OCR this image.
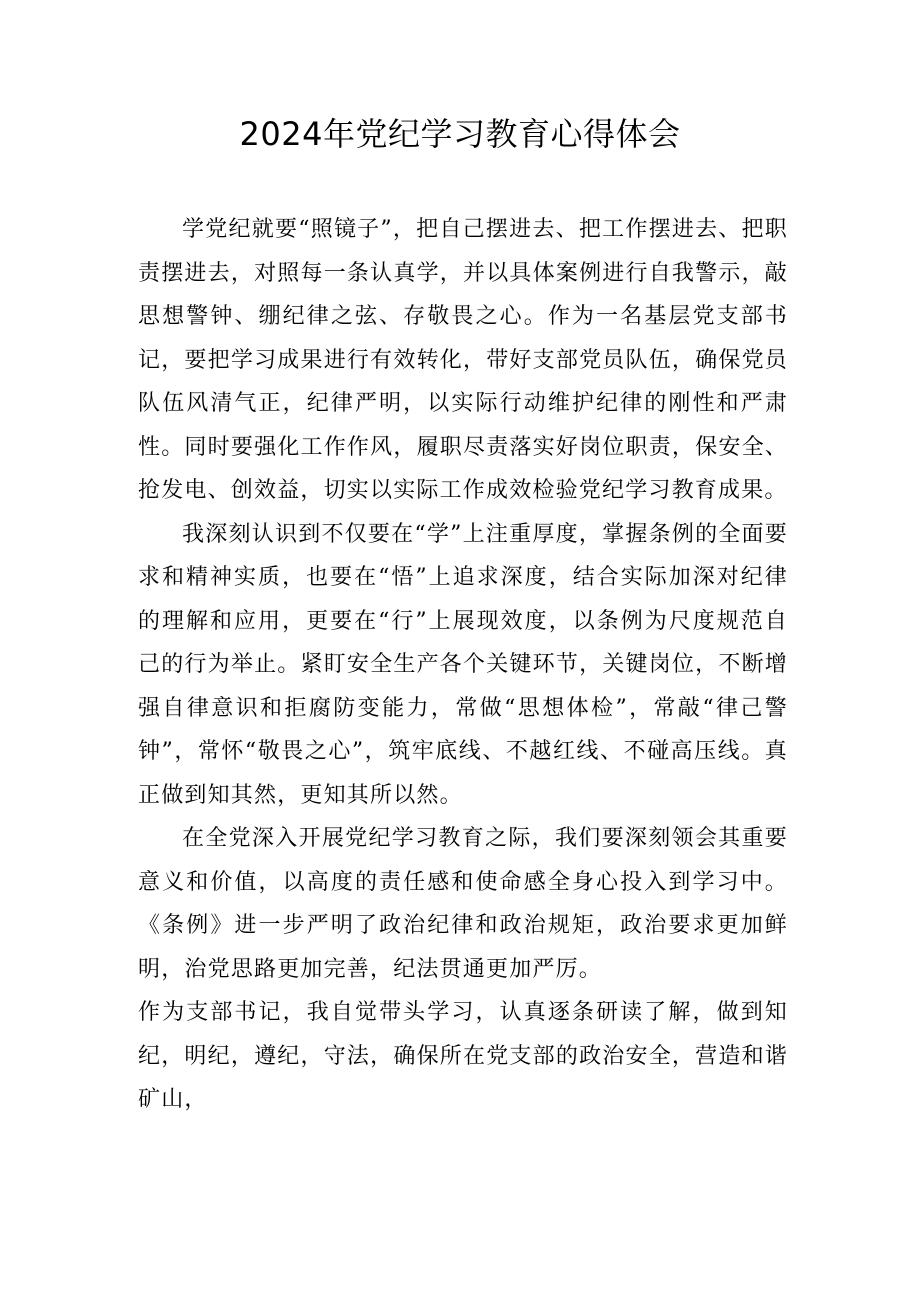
2024年党纪学习教育心得体会

学党纪就要“照镜子”，把自己摆进去、把工作摆进去、把职责摆进去，对照每一条认真学，并以具体案例进行自我警示，敲思想警钟、绷纪律之弦、存敬畏之心。作为一名基层党支部书记，要把学习成果进行有效转化，带好支部党员队伍，确保党员队伍风清气正，纪律严明，以实际行动维护纪律的刚性和严肃性。同时要强化工作作风，履职尽责落实好岗位职责，保安全、抢发电、创效益，切实以实际工作成效检验党纪学习教育成果。

我深刻认识到不仅要在“学”上注重厚度，掌握条例的全面要求和精神实质，也要在“悟”上追求深度，结合实际加深对纪律的理解和应用，更要在“行”上展现效度，以条例为尺度规范自己的行为举止。紧盯安全生产各个关键环节，关键岗位，不断增强自律意识和拒腐防变能力，常做“思想体检”，常敲“律己警钟”，常怀“敬畏之心”，筑牢底线、不越红线、不碰高压线。真正做到知其然，更知其所以然。

在全党深入开展党纪学习教育之际，我们要深刻领会其重要意义和价值，以高度的责任感和使命感全身心投入到学习中。《条例》进一步严明了政治纪律和政治规矩，政治要求更加鲜明，治党思路更加完善，纪法贯通更加严厉。

作为支部书记，我自觉带头学习，认真逐条研读了解，做到知纪，明纪，遵纪，守法，确保所在党支部的政治安全，营造和谐矿山，
